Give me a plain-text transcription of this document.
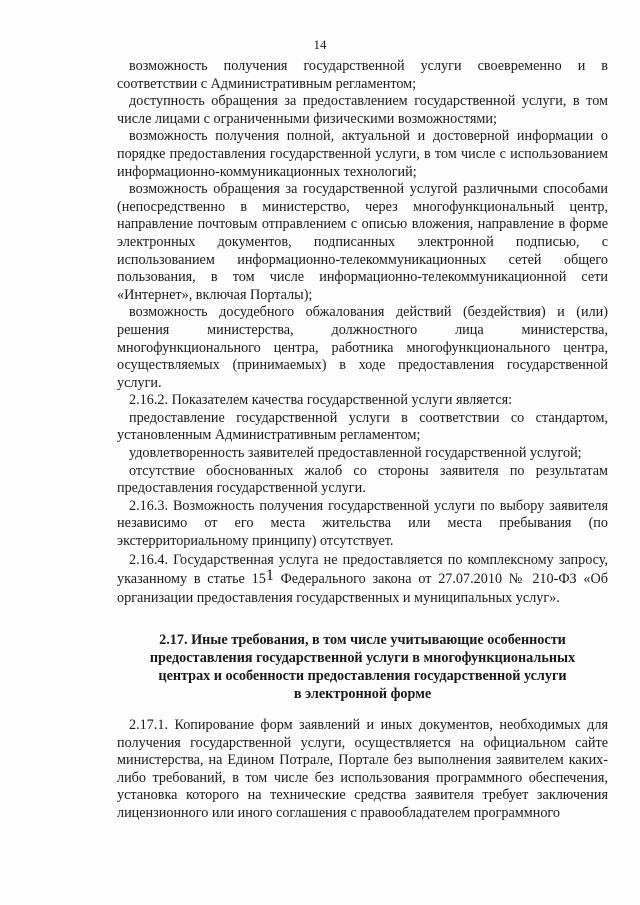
14

возможность получения государственной услуги своевременно и в соответствии с Административным регламентом;

доступность обращения за предоставлением государственной услуги, в том числе лицами с ограниченными физическими возможностями;

возможность получения полной, актуальной и достоверной информации о порядке предоставления государственной услуги, в том числе с использованием информационно-коммуникационных технологий;

возможность обращения за государственной услугой различными способами (непосредственно в министерство, через многофункциональный центр, направление почтовым отправлением с описью вложения, направление в форме электронных документов, подписанных электронной подписью, с использованием информационно-телекоммуникационных сетей общего пользования, в том числе информационно-телекоммуникационной сети «Интернет», включая Порталы);

возможность досудебного обжалования действий (бездействия) и (или) решения министерства, должностного лица министерства, многофункционального центра, работника многофункционального центра, осуществляемых (принимаемых) в ходе предоставления государственной услуги.

2.16.2. Показателем качества государственной услуги является:

предоставление государственной услуги в соответствии со стандартом, установленным Административным регламентом;

удовлетворенность заявителей предоставленной государственной услугой;

отсутствие обоснованных жалоб со стороны заявителя по результатам предоставления государственной услуги.

2.16.3. Возможность получения государственной услуги по выбору заявителя независимо от его места жительства или места пребывания (по экстерриториальному принципу) отсутствует.

2.16.4. Государственная услуга не предоставляется по комплексному запросу, указанному в статье $15^1$ Федерального закона от 27.07.2010 № 210-ФЗ «Об организации предоставления государственных и муниципальных услуг».

2.17. Иные требования, в том числе учитывающие особенности
предоставления государственной услуги в многофункциональных
центрах и особенности предоставления государственной услуги
в электронной форме

2.17.1. Копирование форм заявлений и иных документов, необходимых для получения государственной услуги, осуществляется на официальном сайте министерства, на Едином Потрале, Портале без выполнения заявителем каких-либо требований, в том числе без использования программного обеспечения, установка которого на технические средства заявителя требует заключения лицензионного или иного соглашения с правообладателем программного
